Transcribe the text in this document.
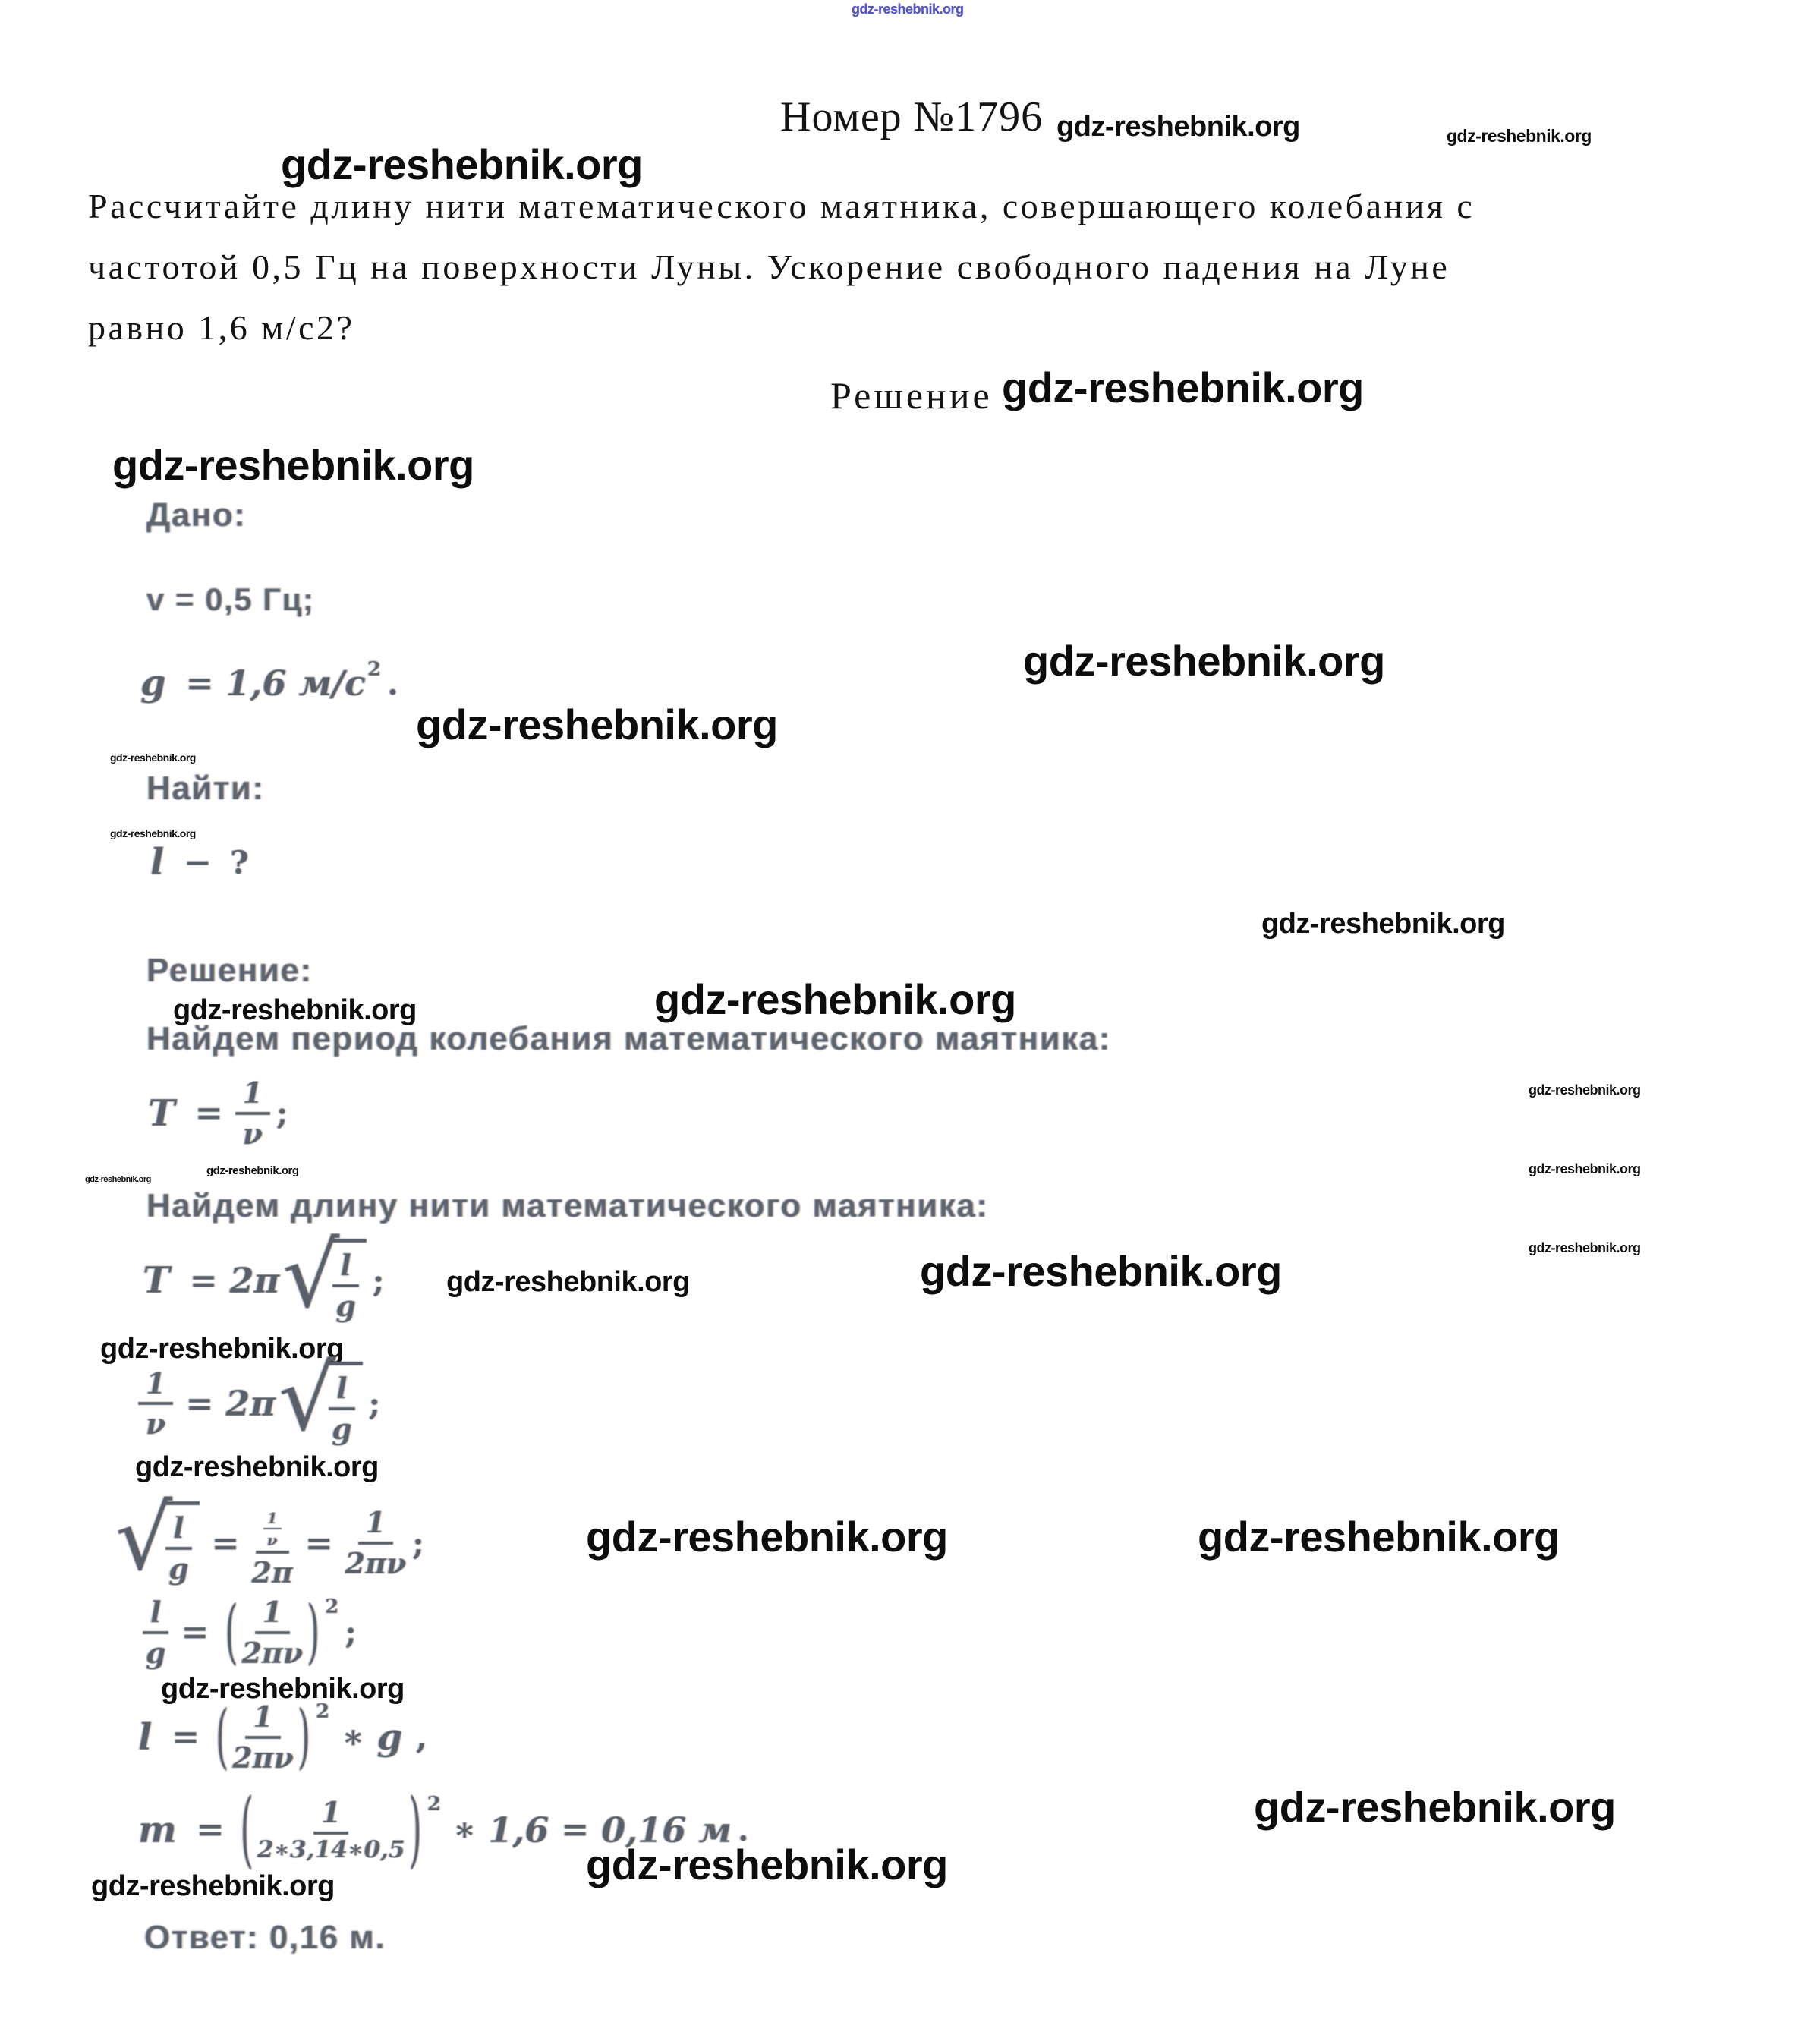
gdz-reshebnik.org
gdz-reshebnik.org	gdz-reshebnik.org
gdz-reshebnik.org
gdz-reshebnik.org
gdz-reshebnik.org
gdz-reshebnik.org
gdz-reshebnik.org
gdz-reshebnik.org
gdz-reshebnik.org
gdz-reshebnik.org
gdz-reshebnik.org	gdz-reshebnik.org
gdz-reshebnik.org
gdz-reshebnik.org
gdz-reshebnik.org	gdz-reshebnik.org
gdz-reshebnik.org	gdz-reshebnik.org	gdz-reshebnik.org
gdz-reshebnik.org
gdz-reshebnik.org
gdz-reshebnik.org	gdz-reshebnik.org
gdz-reshebnik.org
gdz-reshebnik.org
gdz-reshebnik.org	gdz-reshebnik.org
Номер №1796
Рассчитайте длину нити математического маятника, совершающего колебания с
частотой 0,5 Гц на поверхности Луны. Ускорение свободного падения на Луне
равно 1,6 м/с2?
Решение
Дано:
v = 0,5 Гц;
g = 1,6 м/с 2 .
Найти:
l − ?
Решение:
Найдем период колебания математического маятника:
$T = \frac{1}{\nu}$ ;
Найдем длину нити математического маятника:
T = 2π √
$\frac{l}{g}$ ;
$\frac{1}{\nu} = 2\pi$ √
$\frac{l}{g}$ ;
√
$\frac{l}{g} = \frac{\frac{1}{\nu}}{2\pi} = \frac{1}{2\pi\nu}$ ;
$\frac{l}{g}$ = ( $\frac{1}{2\pi\nu}$ ) 2
;
l = ( $\frac{1}{2\pi\nu}$ ) 2
∗ g ,
m = ( $\frac{1}{2∗3,14∗0,5}$ ) 2
∗ 1,6 = 0,16 м .
Ответ: 0,16 м.
